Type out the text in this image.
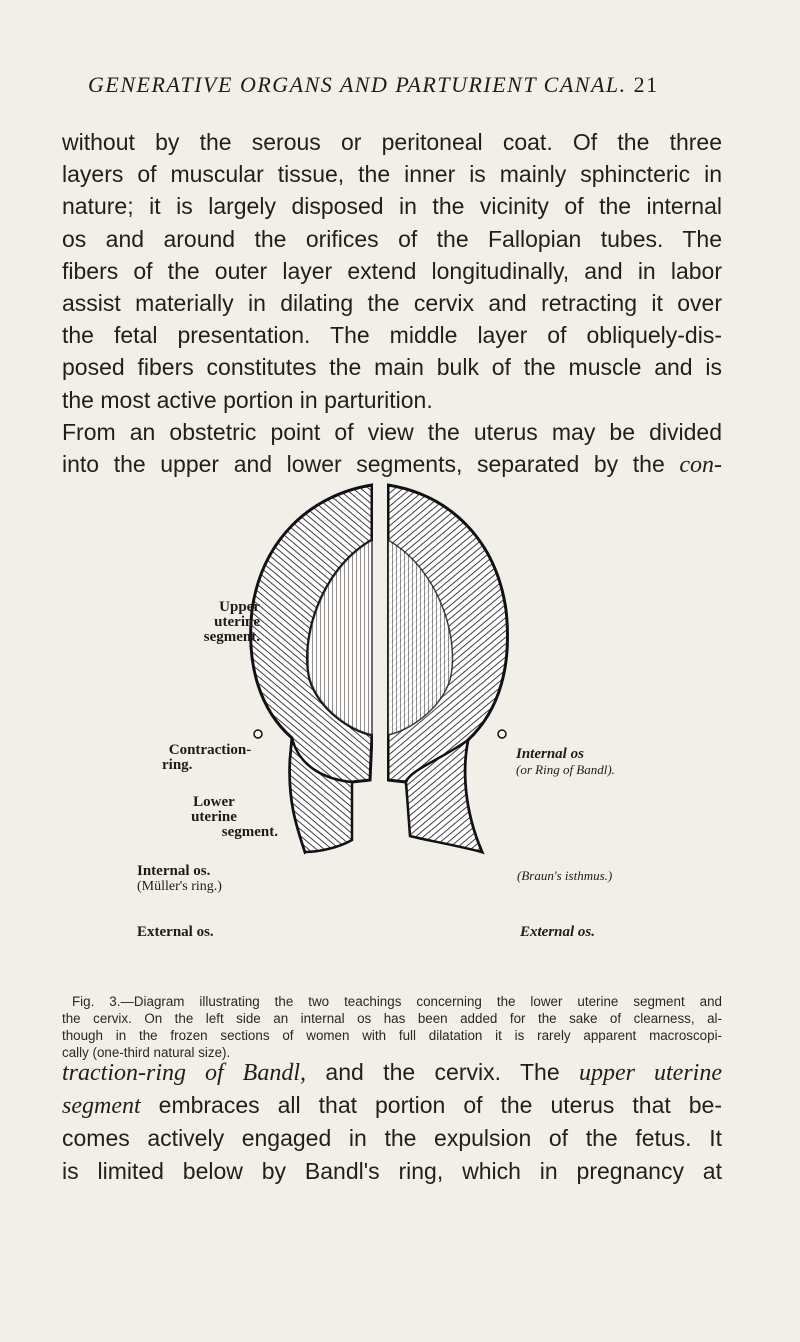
GENERATIVE ORGANS AND PARTURIENT CANAL. 21
without by the serous or peritoneal coat. Of the three
layers of muscular tissue, the inner is mainly sphincteric in
nature; it is largely disposed in the vicinity of the internal
os and around the orifices of the Fallopian tubes. The
fibers of the outer layer extend longitudinally, and in labor
assist materially in dilating the cervix and retracting it over
the fetal presentation. The middle layer of obliquely-dis-
posed fibers constitutes the main bulk of the muscle and is
the most active portion in parturition.
From an obstetric point of view the uterus may be divided
into the upper and lower segments, separated by the con-
Upper
uterine
segment.
Contraction-
ring.
Lower
uterine
segment.
Internal os.
(Müller's ring.)
Internal os
(or Ring of Bandl).
(Braun's isthmus.)
External os.	External os.
Fig. 3.—Diagram illustrating the two teachings concerning the lower uterine segment and
the cervix. On the left side an internal os has been added for the sake of clearness, al-
though in the frozen sections of women with full dilatation it is rarely apparent macroscopi-
cally (one-third natural size).
traction-ring of Bandl, and the cervix. The upper uterine
segment embraces all that portion of the uterus that be-
comes actively engaged in the expulsion of the fetus. It
is limited below by Bandl's ring, which in pregnancy at
